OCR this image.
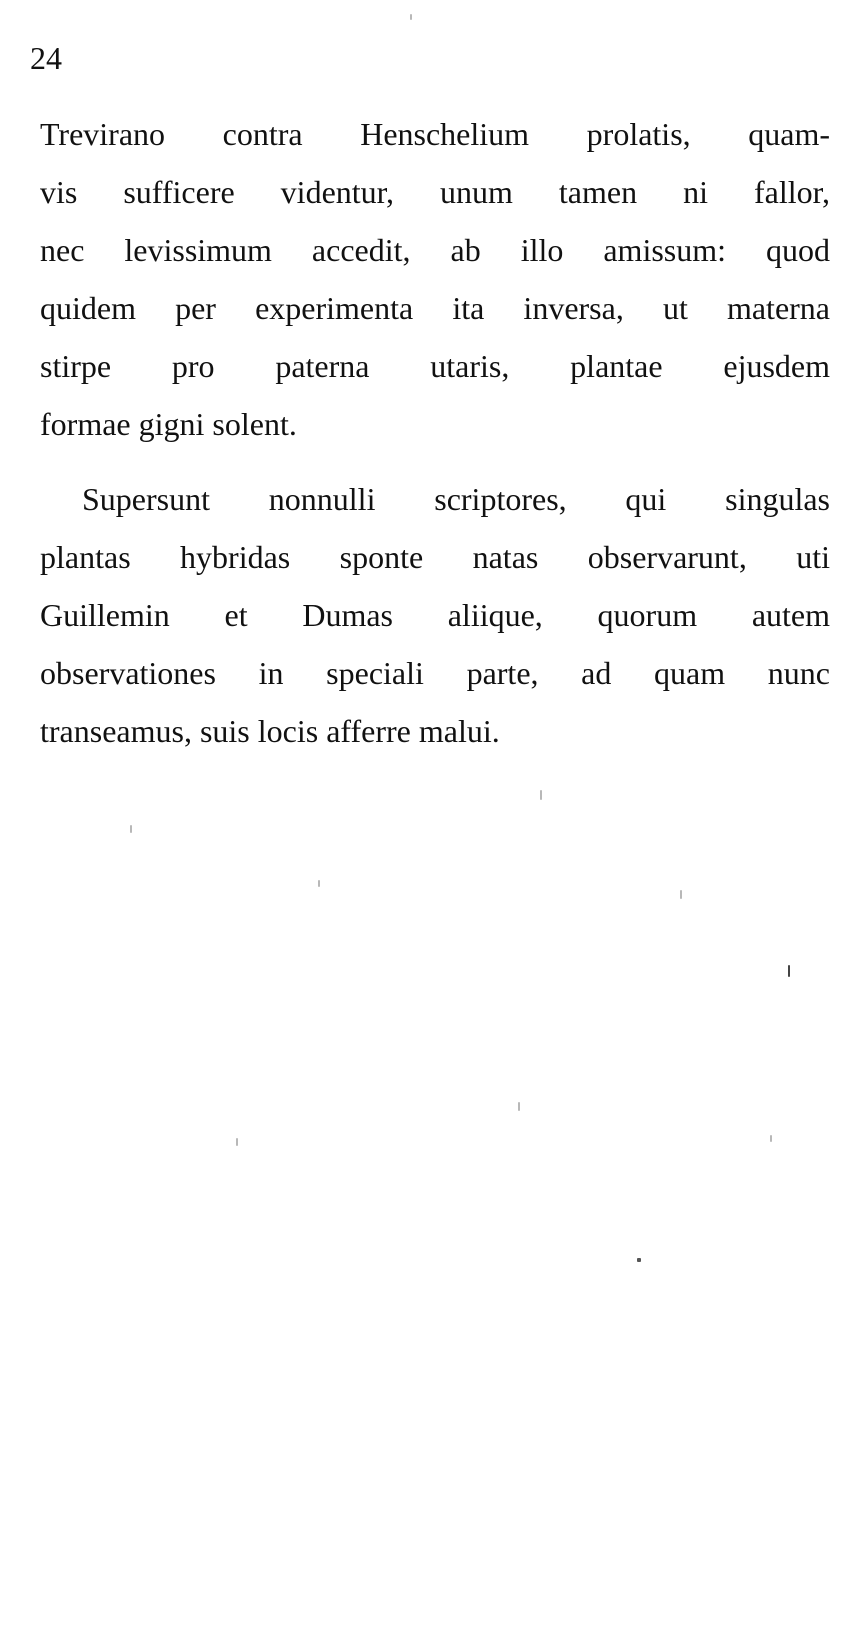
24
Trevirano contra Henschelium prolatis, quam-
vis sufficere videntur, unum tamen ni fallor,
nec levissimum accedit, ab illo amissum: quod
quidem per experimenta ita inversa, ut materna
stirpe pro paterna utaris, plantae ejusdem
formae gigni solent.
Supersunt nonnulli scriptores, qui singulas
plantas hybridas sponte natas observarunt, uti
Guillemin et Dumas aliique, quorum autem
observationes in speciali parte, ad quam nunc
transeamus, suis locis afferre malui.
